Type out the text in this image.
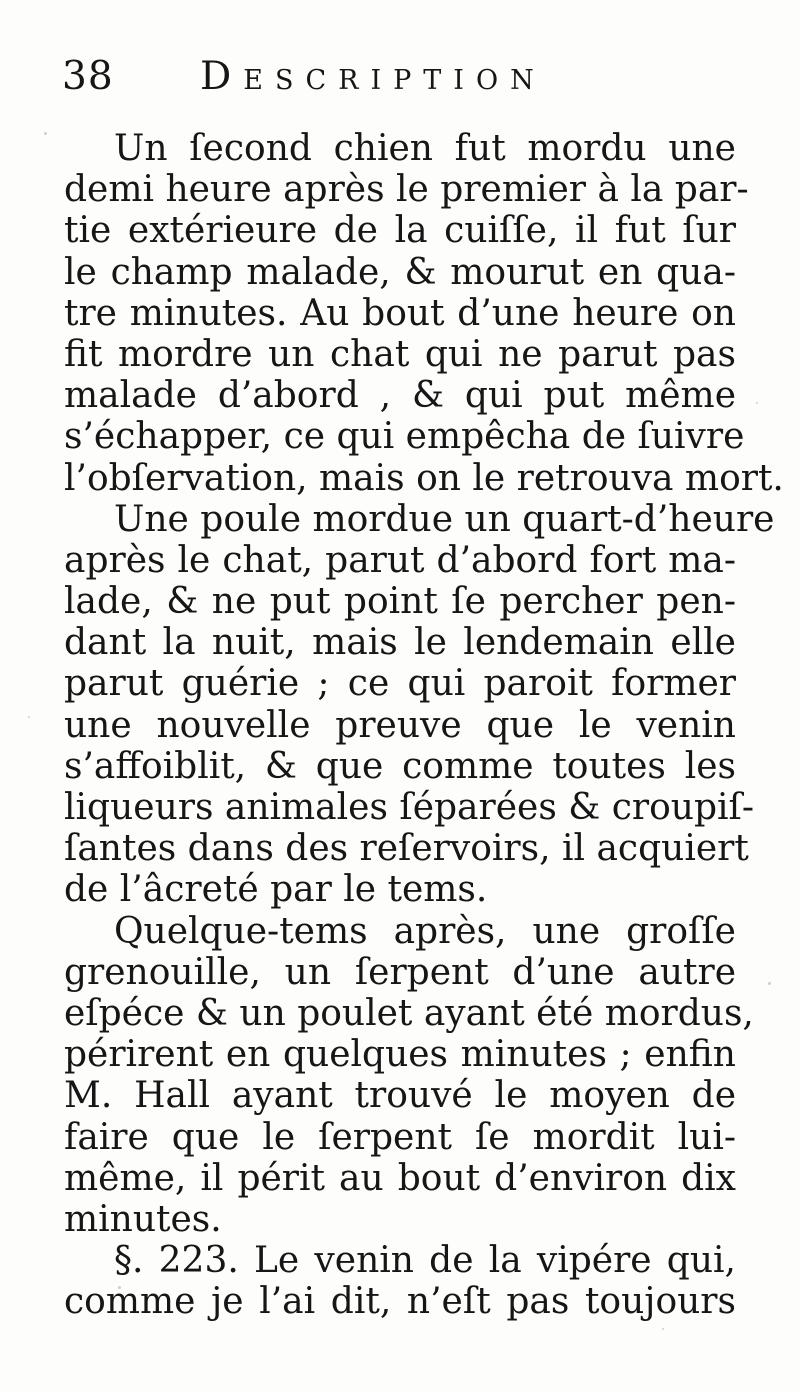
38 Description
Un ſecond chien fut mordu une
demi heure après le premier à la par-
tie extérieure de la cuiſſe, il fut ſur
le champ malade, & mourut en qua-
tre minutes. Au bout d’une heure on
fit mordre un chat qui ne parut pas
malade d’abord , & qui put même
s’échapper, ce qui empêcha de ſuivre
l’obſervation, mais on le retrouva mort.
Une poule mordue un quart-d’heure
après le chat, parut d’abord fort ma-
lade, & ne put point ſe percher pen-
dant la nuit, mais le lendemain elle
parut guérie ; ce qui paroit former
une nouvelle preuve que le venin
s’affoiblit, & que comme toutes les
liqueurs animales ſéparées & croupiſ-
ſantes dans des reſervoirs, il acquiert
de l’âcreté par le tems.
Quelque-tems après, une groſſe
grenouille, un ſerpent d’une autre
eſpéce & un poulet ayant été mordus,
périrent en quelques minutes ; enfin
M. Hall ayant trouvé le moyen de
faire que le ſerpent ſe mordit lui-
même, il périt au bout d’environ dix
minutes.
§. 223. Le venin de la vipére qui,
comme je l’ai dit, n’eſt pas toujours
